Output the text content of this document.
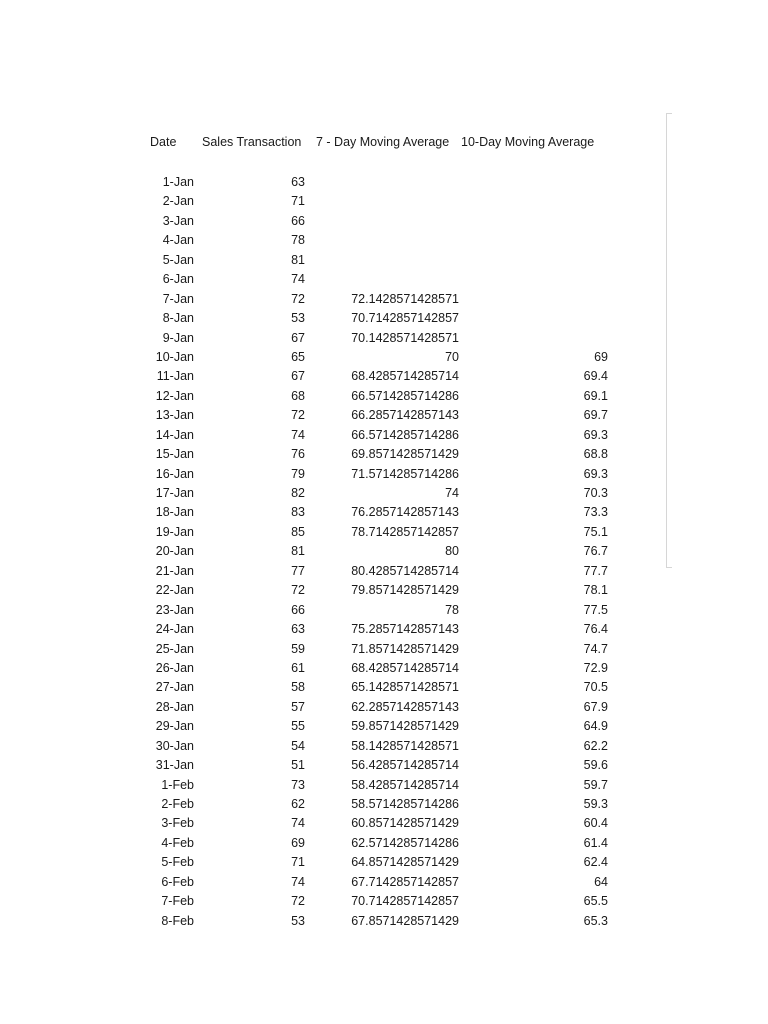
Date Sales Transaction 7 - Day Moving Average 10-Day Moving Average
1-Jan	63
2-Jan	71
3-Jan	66
4-Jan	78
5-Jan	81
6-Jan	74
7-Jan	72	72.1428571428571
8-Jan	53	70.7142857142857
9-Jan	67	70.1428571428571
10-Jan	65	70	69
11-Jan	67	68.4285714285714	69.4
12-Jan	68	66.5714285714286	69.1
13-Jan	72	66.2857142857143	69.7
14-Jan	74	66.5714285714286	69.3
15-Jan	76	69.8571428571429	68.8
16-Jan	79	71.5714285714286	69.3
17-Jan	82	74	70.3
18-Jan	83	76.2857142857143	73.3
19-Jan	85	78.7142857142857	75.1
20-Jan	81	80	76.7
21-Jan	77	80.4285714285714	77.7
22-Jan	72	79.8571428571429	78.1
23-Jan	66	78	77.5
24-Jan	63	75.2857142857143	76.4
25-Jan	59	71.8571428571429	74.7
26-Jan	61	68.4285714285714	72.9
27-Jan	58	65.1428571428571	70.5
28-Jan	57	62.2857142857143	67.9
29-Jan	55	59.8571428571429	64.9
30-Jan	54	58.1428571428571	62.2
31-Jan	51	56.4285714285714	59.6
1-Feb	73	58.4285714285714	59.7
2-Feb	62	58.5714285714286	59.3
3-Feb	74	60.8571428571429	60.4
4-Feb	69	62.5714285714286	61.4
5-Feb	71	64.8571428571429	62.4
6-Feb	74	67.7142857142857	64
7-Feb	72	70.7142857142857	65.5
8-Feb	53	67.8571428571429	65.3
